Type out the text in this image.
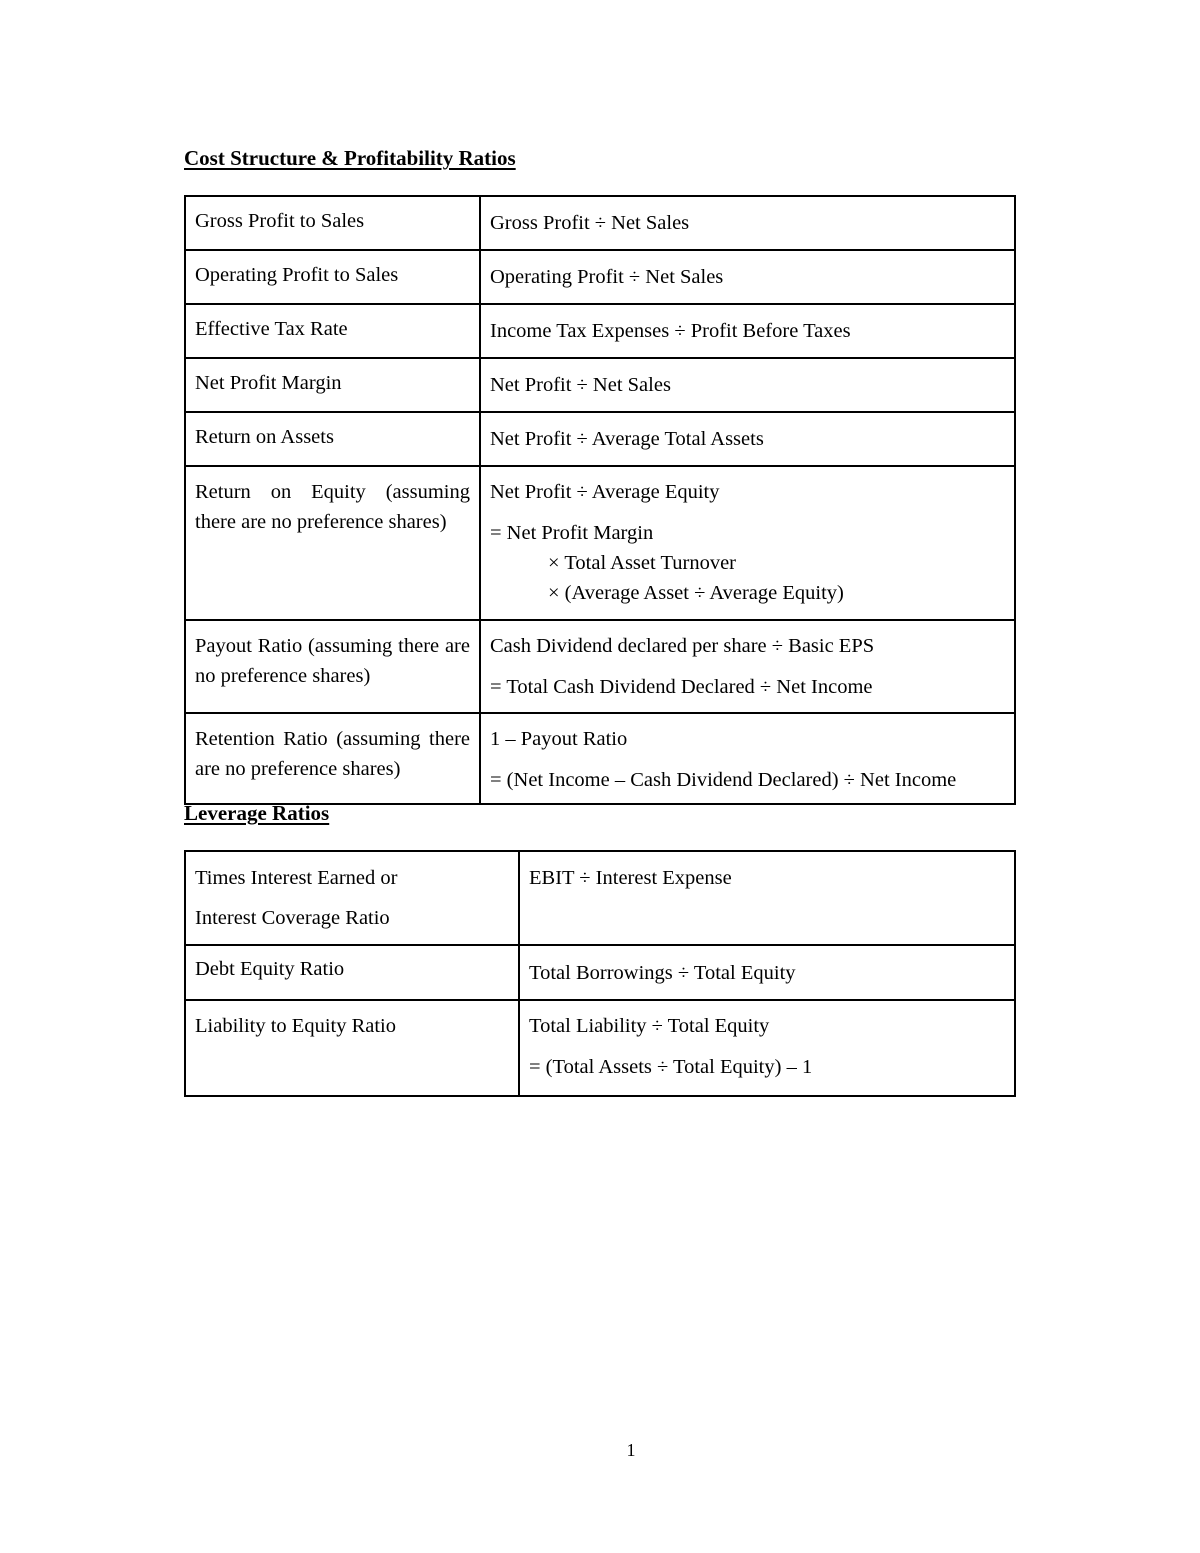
Cost Structure & Profitability Ratios
Gross Profit to Sales	Gross Profit ÷ Net Sales

Operating Profit to Sales	Operating Profit ÷ Net Sales

Effective Tax Rate	Income Tax Expenses ÷ Profit Before Taxes

Net Profit Margin	Net Profit ÷ Net Sales

Return on Assets	Net Profit ÷ Average Total Assets

Return on Equity (assuming there are no preference shares)	Net Profit ÷ Average Equity
= Net Profit Margin
× Total Asset Turnover
× (Average Asset ÷ Average Equity)

Payout Ratio (assuming there are no preference shares)	Cash Dividend declared per share ÷ Basic EPS
= Total Cash Dividend Declared ÷ Net Income

Retention Ratio (assuming there are no preference shares)	1 – Payout Ratio
= (Net Income – Cash Dividend Declared) ÷ Net Income
Leverage Ratios
Times Interest Earned or
Interest Coverage Ratio	EBIT ÷ Interest Expense

Debt Equity Ratio	Total Borrowings ÷ Total Equity

Liability to Equity Ratio	Total Liability ÷ Total Equity
= (Total Assets ÷ Total Equity) – 1
1
